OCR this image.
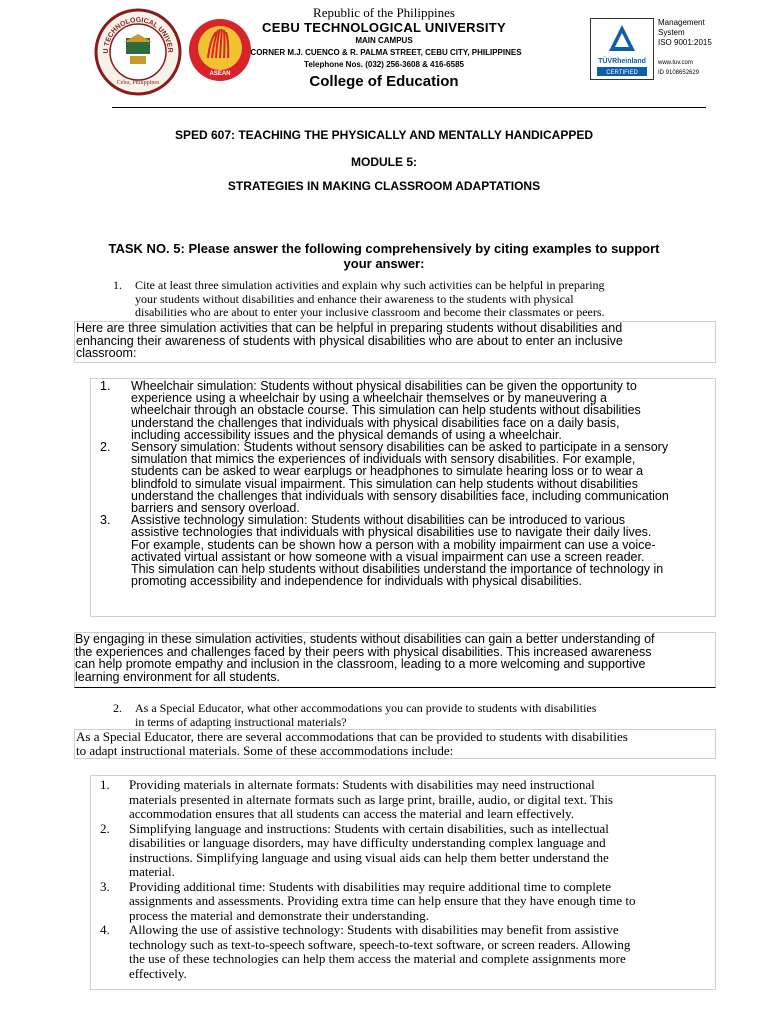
U TECHNOLOGICAL UNIVER
Cebu, Philippines
ASEAN
Republic of the Philippines
CEBU TECHNOLOGICAL UNIVERSITY
MAIN CAMPUS
CORNER M.J. CUENCO & R. PALMA STREET, CEBU CITY, PHILIPPINES
Telephone Nos. (032) 256-3608 & 416-6585
College of Education
TÜVRheinland
CERTIFIED
Management
System
ISO 9001:2015
www.tuv.com
ID 9108652629
SPED 607: TEACHING THE PHYSICALLY AND MENTALLY HANDICAPPED
MODULE 5:
STRATEGIES IN MAKING CLASSROOM ADAPTATIONS
TASK NO. 5: Please answer the following comprehensively by citing examples to support
your answer:
1.	Cite at least three simulation activities and explain why such activities can be helpful in preparing
your students without disabilities and enhance their awareness to the students with physical
disabilities who are about to enter your inclusive classroom and become their classmates or peers.
Here are three simulation activities that can be helpful in preparing students without disabilities and
enhancing their awareness of students with physical disabilities who are about to enter an inclusive
classroom:
1.	Wheelchair simulation: Students without physical disabilities can be given the opportunity to
experience using a wheelchair by using a wheelchair themselves or by maneuvering a
wheelchair through an obstacle course. This simulation can help students without disabilities
understand the challenges that individuals with physical disabilities face on a daily basis,
including accessibility issues and the physical demands of using a wheelchair.
2.	Sensory simulation: Students without sensory disabilities can be asked to participate in a sensory
simulation that mimics the experiences of individuals with sensory disabilities. For example,
students can be asked to wear earplugs or headphones to simulate hearing loss or to wear a
blindfold to simulate visual impairment. This simulation can help students without disabilities
understand the challenges that individuals with sensory disabilities face, including communication
barriers and sensory overload.
3.	Assistive technology simulation: Students without disabilities can be introduced to various
assistive technologies that individuals with physical disabilities use to navigate their daily lives.
For example, students can be shown how a person with a mobility impairment can use a voice-
activated virtual assistant or how someone with a visual impairment can use a screen reader.
This simulation can help students without disabilities understand the importance of technology in
promoting accessibility and independence for individuals with physical disabilities.
By engaging in these simulation activities, students without disabilities can gain a better understanding of
the experiences and challenges faced by their peers with physical disabilities. This increased awareness
can help promote empathy and inclusion in the classroom, leading to a more welcoming and supportive
learning environment for all students.
2.	As a Special Educator, what other accommodations you can provide to students with disabilities
in terms of adapting instructional materials?
As a Special Educator, there are several accommodations that can be provided to students with disabilities
to adapt instructional materials. Some of these accommodations include:
1.	Providing materials in alternate formats: Students with disabilities may need instructional
materials presented in alternate formats such as large print, braille, audio, or digital text. This
accommodation ensures that all students can access the material and learn effectively.
2.	Simplifying language and instructions: Students with certain disabilities, such as intellectual
disabilities or language disorders, may have difficulty understanding complex language and
instructions. Simplifying language and using visual aids can help them better understand the
material.
3.	Providing additional time: Students with disabilities may require additional time to complete
assignments and assessments. Providing extra time can help ensure that they have enough time to
process the material and demonstrate their understanding.
4.	Allowing the use of assistive technology: Students with disabilities may benefit from assistive
technology such as text-to-speech software, speech-to-text software, or screen readers. Allowing
the use of these technologies can help them access the material and complete assignments more
effectively.
